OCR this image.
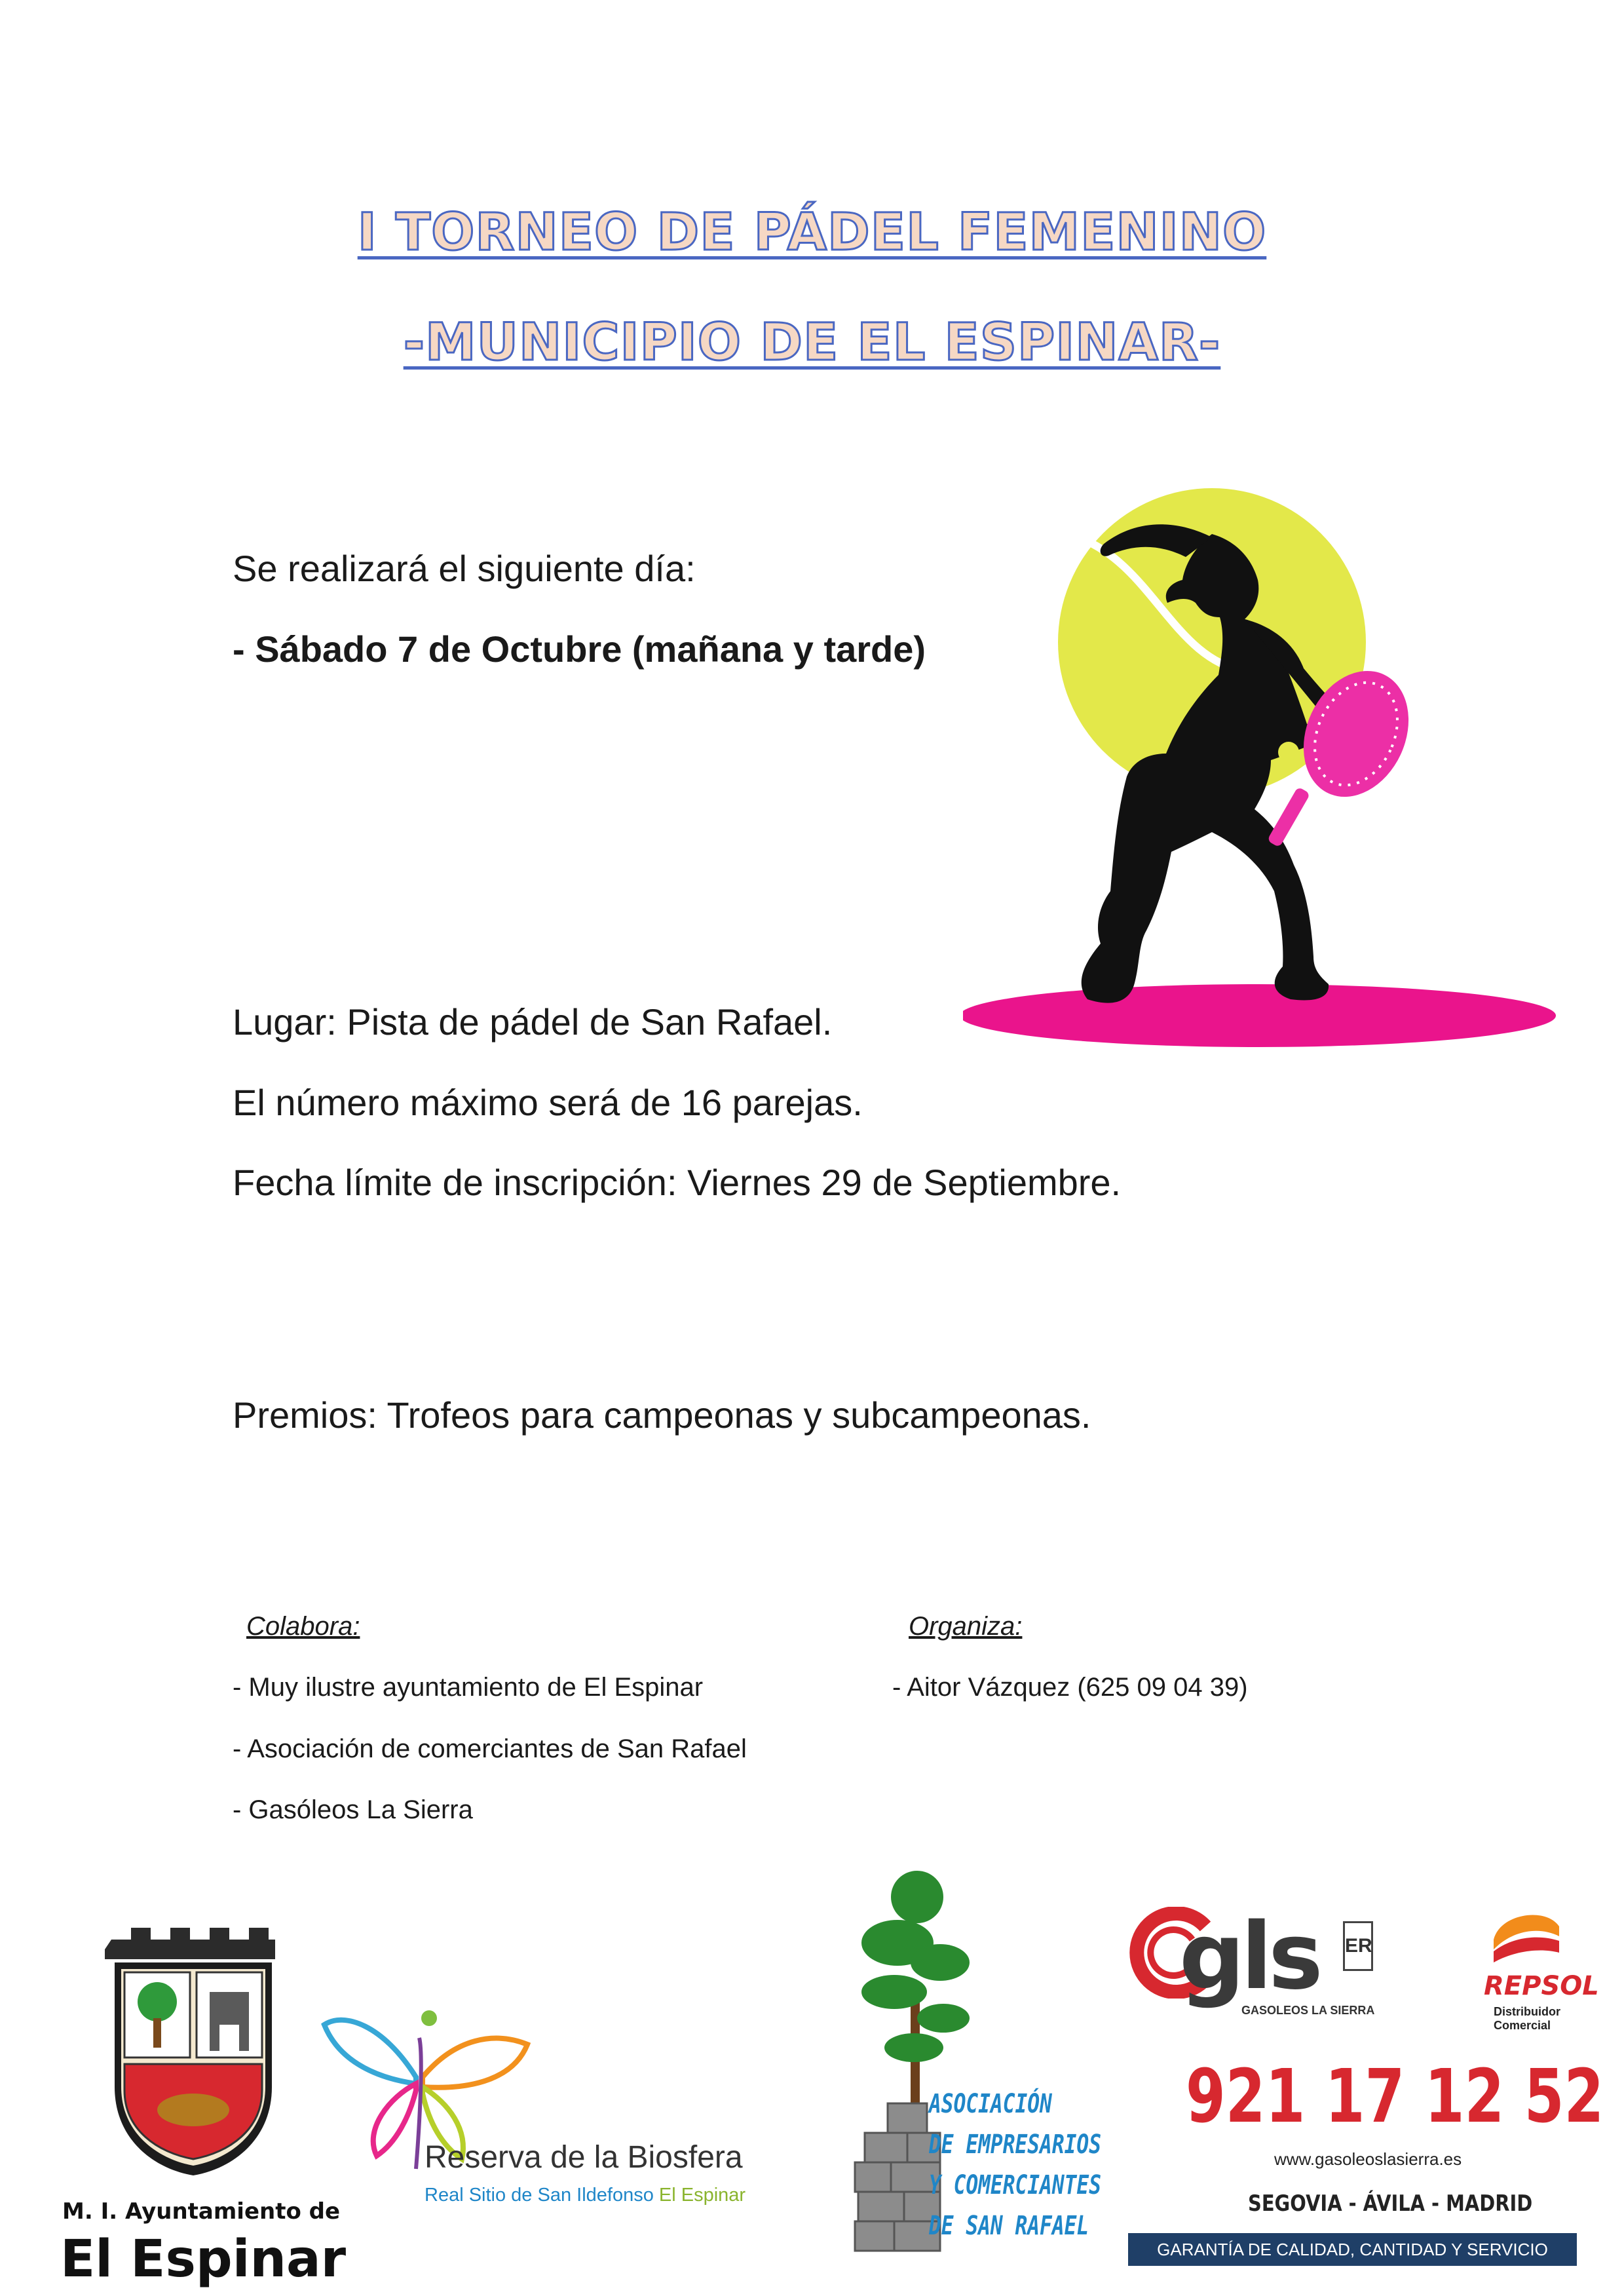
I TORNEO DE PÁDEL FEMENINO
-MUNICIPIO DE EL ESPINAR-
Se realizará el siguiente día:
- Sábado 7 de Octubre (mañana y tarde)
Lugar: Pista de pádel de San Rafael.
El número máximo será de 16 parejas.
Fecha límite de inscripción: Viernes 29 de Septiembre.
Premios: Trofeos para campeonas y subcampeonas.
Colabora:
- Muy ilustre ayuntamiento de El Espinar
- Asociación de comerciantes de San Rafael
- Gasóleos La Sierra
Organiza:
- Aitor Vázquez (625 09 04 39)
M. I. Ayuntamiento de
El Espinar
Reserva de la Biosfera
Real Sitio de San Ildefonso El Espinar
ASOCIACIÓN
DE EMPRESARIOS
Y COMERCIANTES
DE SAN RAFAEL
gls ER
GASOLEOS LA SIERRA
REPSOL
Distribuidor Comercial
921 17 12 52
www.gasoleoslasierra.es
SEGOVIA - ÁVILA - MADRID
GARANTÍA DE CALIDAD, CANTIDAD Y SERVICIO
